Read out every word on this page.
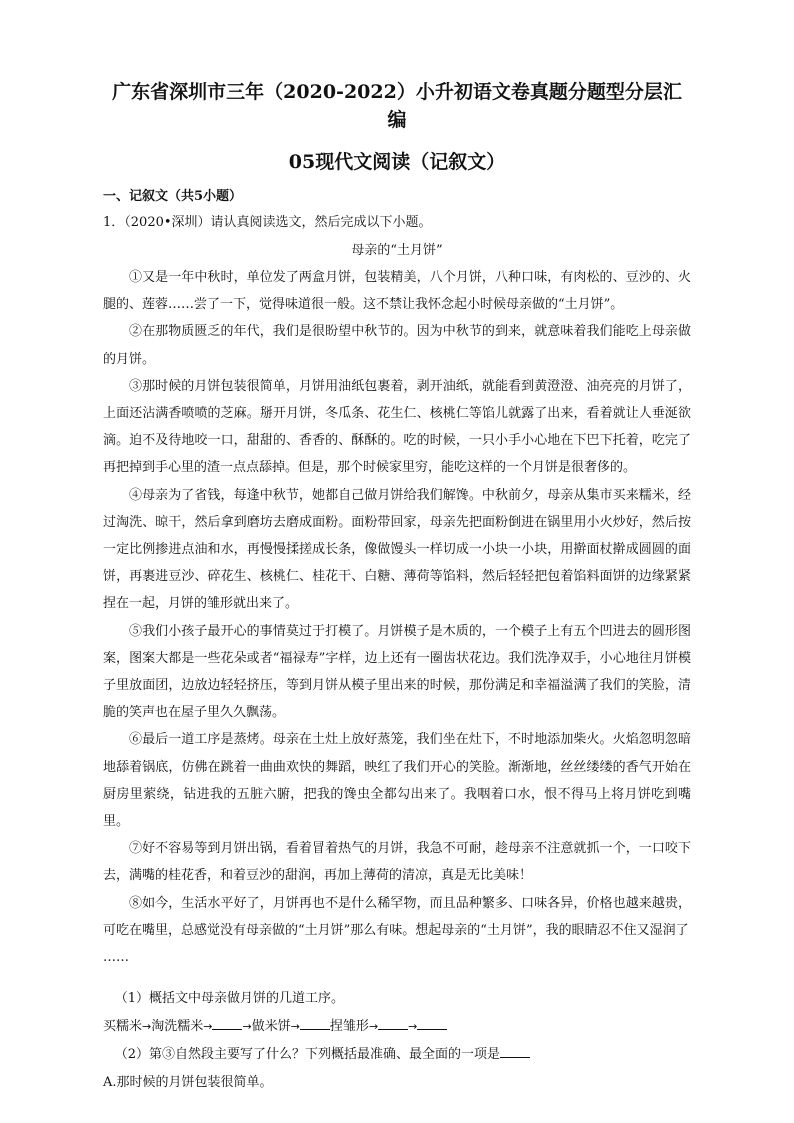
广东省深圳市三年（2020-2022）小升初语文卷真题分题型分层汇编
05现代文阅读（记叙文）
一、记叙文（共5小题）
1．（2020•深圳）请认真阅读选文，然后完成以下小题。
母亲的“土月饼”

①又是一年中秋时，单位发了两盒月饼，包装精美，八个月饼，八种口味，有肉松的、豆沙的、火腿的、莲蓉……尝了一下，觉得味道很一般。这不禁让我怀念起小时候母亲做的“土月饼”。

②在那物质匮乏的年代，我们是很盼望中秋节的。因为中秋节的到来，就意味着我们能吃上母亲做的月饼。

③那时候的月饼包装很简单，月饼用油纸包裹着，剥开油纸，就能看到黄澄澄、油亮亮的月饼了，上面还沾满香喷喷的芝麻。掰开月饼，冬瓜条、花生仁、核桃仁等馅儿就露了出来，看着就让人垂涎欲滴。迫不及待地咬一口，甜甜的、香香的、酥酥的。吃的时候，一只小手小心地在下巴下托着，吃完了再把掉到手心里的渣一点点舔掉。但是，那个时候家里穷，能吃这样的一个月饼是很奢侈的。

④母亲为了省钱，每逢中秋节，她都自己做月饼给我们解馋。中秋前夕，母亲从集市买来糯米，经过淘洗、晾干，然后拿到磨坊去磨成面粉。面粉带回家，母亲先把面粉倒进在锅里用小火炒好，然后按一定比例掺进点油和水，再慢慢揉搓成长条，像做馒头一样切成一小块一小块，用擀面杖擀成圆圆的面饼，再裹进豆沙、碎花生、核桃仁、桂花干、白糖、薄荷等馅料，然后轻轻把包着馅料面饼的边缘紧紧捏在一起，月饼的雏形就出来了。

⑤我们小孩子最开心的事情莫过于打模了。月饼模子是木质的，一个模子上有五个凹进去的圆形图案，图案大都是一些花朵或者“福禄寿”字样，边上还有一圈齿状花边。我们洗净双手，小心地往月饼模子里放面团，边放边轻轻挤压，等到月饼从模子里出来的时候，那份满足和幸福溢满了我们的笑脸，清脆的笑声也在屋子里久久飘荡。

⑥最后一道工序是蒸烤。母亲在土灶上放好蒸笼，我们坐在灶下，不时地添加柴火。火焰忽明忽暗地舔着锅底，仿佛在跳着一曲曲欢快的舞蹈，映红了我们开心的笑脸。渐渐地，丝丝缕缕的香气开始在厨房里萦绕，钻进我的五脏六腑，把我的馋虫全都勾出来了。我咽着口水，恨不得马上将月饼吃到嘴里。

⑦好不容易等到月饼出锅，看着冒着热气的月饼，我急不可耐，趁母亲不注意就抓一个，一口咬下去，满嘴的桂花香，和着豆沙的甜润，再加上薄荷的清凉，真是无比美味！

⑧如今，生活水平好了，月饼再也不是什么稀罕物，而且品种繁多、口味各异，价格也越来越贵，可吃在嘴里，总感觉没有母亲做的“土月饼”那么有味。想起母亲的“土月饼”，我的眼睛忍不住又湿润了

……

（1）概括文中母亲做月饼的几道工序。

买糯米→淘洗糯米→	→做米饼→ 捏雏形→	→

（2）第③自然段主要写了什么？下列概括最准确、最全面的一项是

A.那时候的月饼包装很简单。
